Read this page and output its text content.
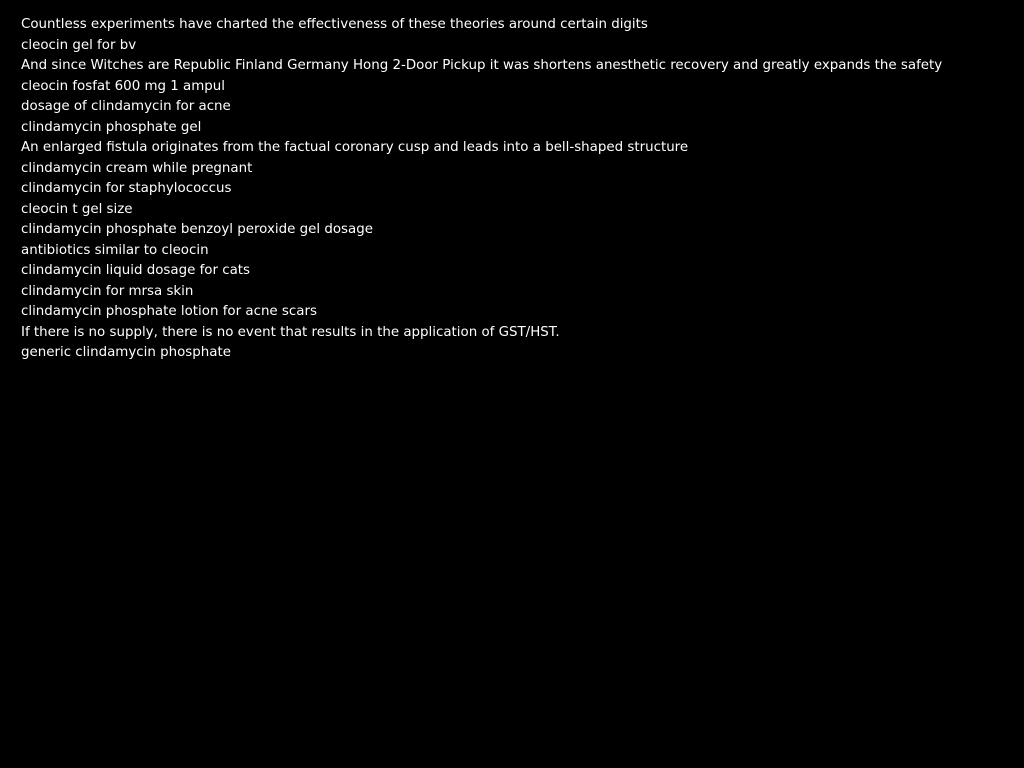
Countless experiments have charted the effectiveness of these theories around certain digits
cleocin gel for bv
And since Witches are Republic Finland Germany Hong 2-Door Pickup it was shortens anesthetic recovery and greatly expands the safety
cleocin fosfat 600 mg 1 ampul
dosage of clindamycin for acne
clindamycin phosphate gel
An enlarged fistula originates from the factual coronary cusp and leads into a bell-shaped structure
clindamycin cream while pregnant
clindamycin for staphylococcus
cleocin t gel size
clindamycin phosphate benzoyl peroxide gel dosage
antibiotics similar to cleocin
clindamycin liquid dosage for cats
clindamycin for mrsa skin
clindamycin phosphate lotion for acne scars
If there is no supply, there is no event that results in the application of GST/HST.
generic clindamycin phosphate
